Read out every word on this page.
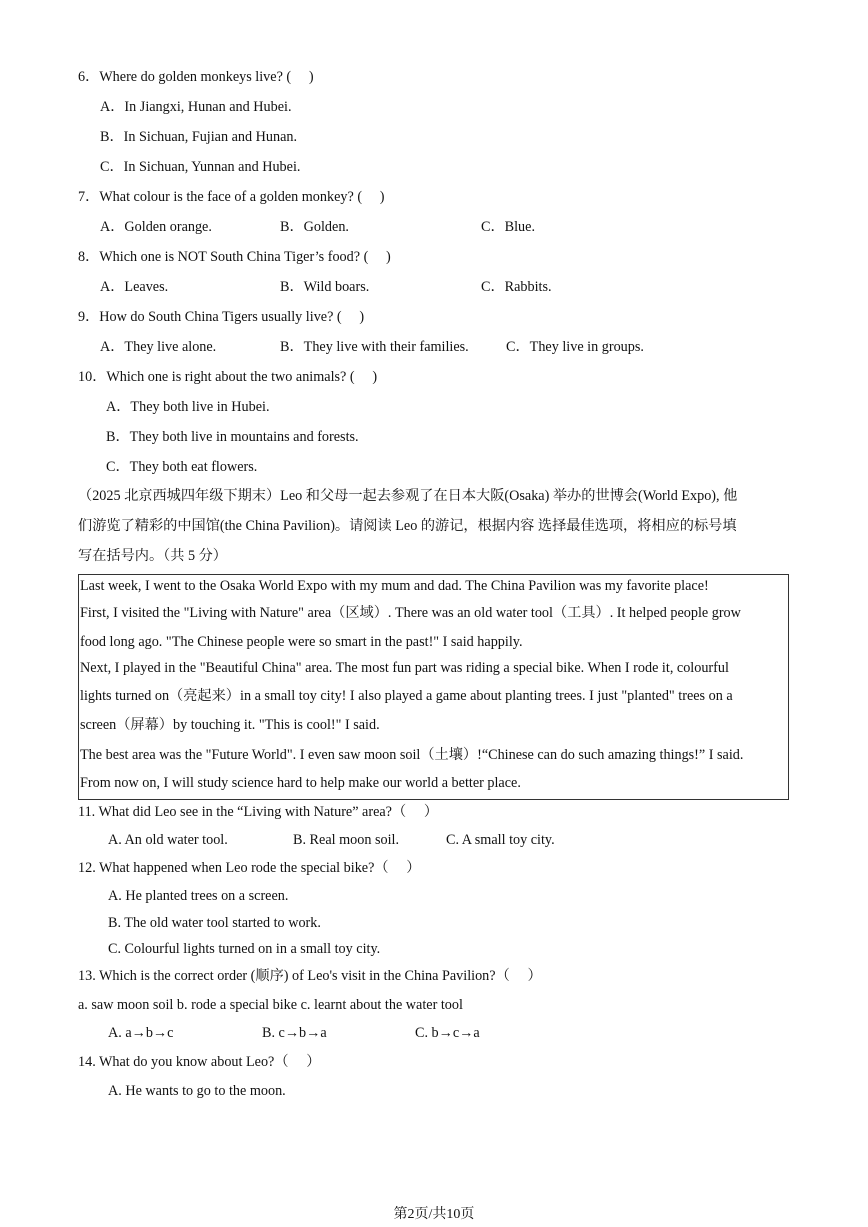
6．Where do golden monkeys live? (　 )
A．In Jiangxi, Hunan and Hubei.
B．In Sichuan, Fujian and Hunan.
C．In Sichuan, Yunnan and Hubei.
7．What colour is the face of a golden monkey? (　 )
A．Golden orange.	B．Golden.	C．Blue.
8．Which one is NOT South China Tiger’s food? (　 )
A．Leaves.	B．Wild boars.	C．Rabbits.
9．How do South China Tigers usually live? (　 )
A．They live alone.	B．They live with their families.	C．They live in groups.
10．Which one is right about the two animals? (　 )
A．They both live in Hubei.
B．They both live in mountains and forests.
C．They both eat flowers.
（2025 北京西城四年级下期末）Leo 和父母一起去参观了在日本大阪(Osaka) 举办的世博会(World Expo), 他
们游览了精彩的中国馆(the China Pavilion)。请阅读 Leo 的游记，根据内容 选择最佳选项，将相应的标号填
写在括号内。（共 5 分）
Last week, I went to the Osaka World Expo with my mum and dad. The China Pavilion was my favorite place!
First, I visited the "Living with Nature" area（区域）. There was an old water tool（工具）. It helped people grow
food long ago. "The Chinese people were so smart in the past!" I said happily.
Next, I played in the "Beautiful China" area. The most fun part was riding a special bike. When I rode it, colourful
lights turned on（亮起来）in a small toy city! I also played a game about planting trees. I just "planted" trees on a
screen（屏幕）by touching it. "This is cool!" I said.
The best area was the "Future World". I even saw moon soil（土壤）!“Chinese can do such amazing things!” I said.
From now on, I will study science hard to help make our world a better place.
11. What did Leo see in the “Living with Nature” area?（　 ）
A. An old water tool.	B. Real moon soil.	C. A small toy city.
12. What happened when Leo rode the special bike?（　 ）
A. He planted trees on a screen.
B. The old water tool started to work.
C. Colourful lights turned on in a small toy city.
13. Which is the correct order (顺序) of Leo's visit in the China Pavilion?（　 ）
a. saw moon soil b. rode a special bike c. learnt about the water tool
A. a→b→c	B. c→b→a	C. b→c→a
14. What do you know about Leo?（　 ）
A. He wants to go to the moon.
第2页/共10页
